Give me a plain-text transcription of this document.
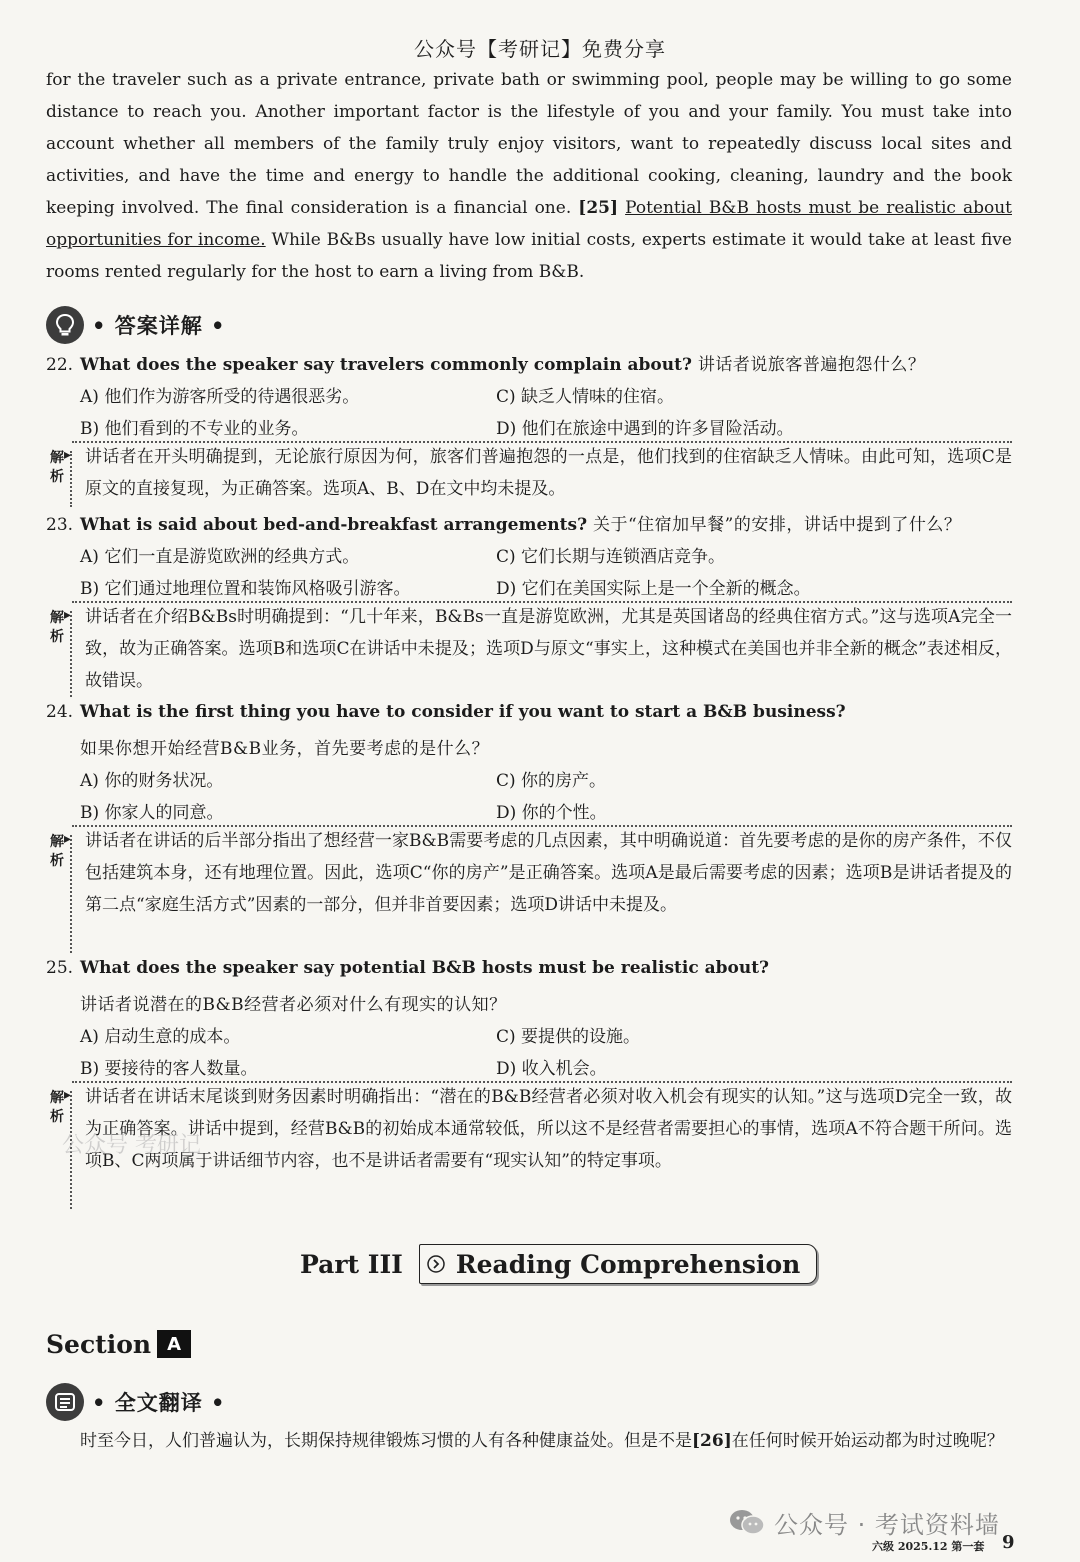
公众号【考研记】免费分享
for the traveler such as a private entrance, private bath or swimming pool, people may be willing to go some distance to reach you. Another important factor is the lifestyle of you and your family. You must take into account whether all members of the family truly enjoy visitors, want to repeatedly discuss local sites and activities, and have the time and energy to handle the additional cooking, cleaning, laundry and the book keeping involved. The final consideration is a financial one. [25] Potential B&B hosts must be realistic about opportunities for income. While B&Bs usually have low initial costs, experts estimate it would take at least five rooms rented regularly for the host to earn a living from B&B.
• 答案详解 •
22. What does the speaker say travelers commonly complain about? 讲话者说旅客普遍抱怨什么？
A) 他们作为游客所受的待遇很恶劣。	C) 缺乏人情味的住宿。
B) 他们看到的不专业的业务。	D) 他们在旅途中遇到的许多冒险活动。
解析
▸ 讲话者在开头明确提到，无论旅行原因为何，旅客们普遍抱怨的一点是，他们找到的住宿缺乏人情味。由此可知，选项C是原文的直接复现，为正确答案。选项A、B、D在文中均未提及。
23. What is said about bed-and-breakfast arrangements? 关于“住宿加早餐”的安排，讲话中提到了什么？
A) 它们一直是游览欧洲的经典方式。	C) 它们长期与连锁酒店竞争。
B) 它们通过地理位置和装饰风格吸引游客。	D) 它们在美国实际上是一个全新的概念。
解析
▸ 讲话者在介绍B&Bs时明确提到：“几十年来，B&Bs一直是游览欧洲，尤其是英国诸岛的经典住宿方式。”这与选项A完全一致，故为正确答案。选项B和选项C在讲话中未提及；选项D与原文“事实上，这种模式在美国也并非全新的概念”表述相反，故错误。
24. What is the first thing you have to consider if you want to start a B&B business?
如果你想开始经营B&B业务，首先要考虑的是什么？
A) 你的财务状况。	C) 你的房产。
B) 你家人的同意。	D) 你的个性。
解析
▸ 讲话者在讲话的后半部分指出了想经营一家B&B需要考虑的几点因素，其中明确说道：首先要考虑的是你的房产条件，不仅包括建筑本身，还有地理位置。因此，选项C“你的房产”是正确答案。选项A是最后需要考虑的因素；选项B是讲话者提及的第二点“家庭生活方式”因素的一部分，但并非首要因素；选项D讲话中未提及。
25. What does the speaker say potential B&B hosts must be realistic about?
讲话者说潜在的B&B经营者必须对什么有现实的认知？
A) 启动生意的成本。	C) 要提供的设施。
B) 要接待的客人数量。	D) 收入机会。
解析
▸ 讲话者在讲话末尾谈到财务因素时明确指出：“潜在的B&B经营者必须对收入机会有现实的认知。”这与选项D完全一致，故为正确答案。讲话中提到，经营B&B的初始成本通常较低，所以这不是经营者需要担心的事情，选项A不符合题干所问。选项B、C两项属于讲话细节内容，也不是讲话者需要有“现实认知”的特定事项。
公众号 考研记
Part III Reading Comprehension
Section A
• 全文翻译 •
时至今日，人们普遍认为，长期保持规律锻炼习惯的人有各种健康益处。但是不是[26]在任何时候开始运动都为时过晚呢？
公众号 · 考试资料墙
六级 2025.12 第一套 9
